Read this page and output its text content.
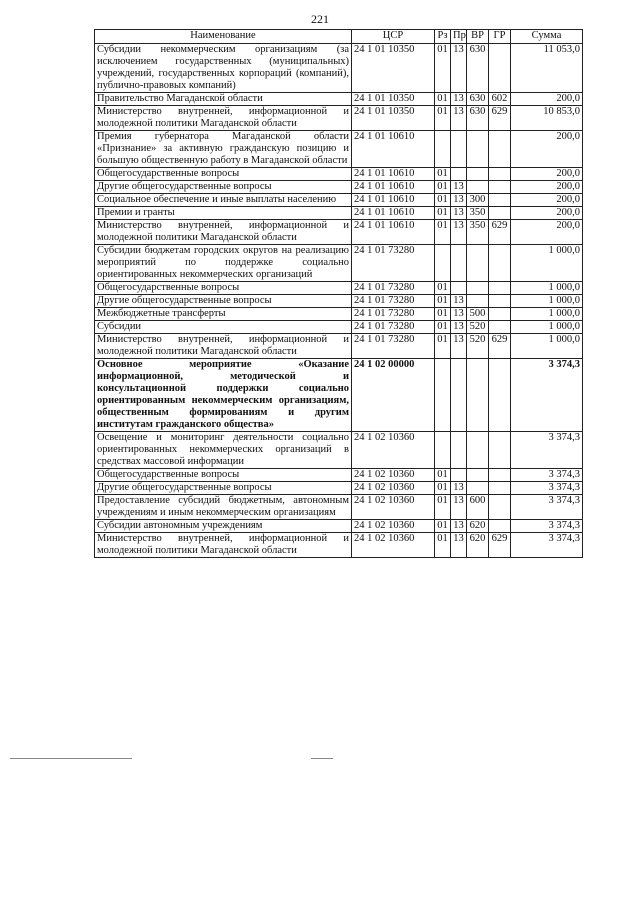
221
Наименование	ЦСР	Рз	Пр	ВР	ГР	Сумма
Субсидии некоммерческим организациям (за исключением государственных (муниципальных) учреждений, государственных корпораций (компаний), публично-правовых компаний)	24 1 01 10350	01	13	630		11 053,0
Правительство Магаданской области	24 1 01 10350	01	13	630	602	200,0
Министерство внутренней, информационной и молодежной политики Магаданской области	24 1 01 10350	01	13	630	629	10 853,0
Премия губернатора Магаданской области «Признание» за активную гражданскую позицию и большую общественную работу в Магаданской области	24 1 01 10610					200,0
Общегосударственные вопросы	24 1 01 10610	01				200,0
Другие общегосударственные вопросы	24 1 01 10610	01	13			200,0
Социальное обеспечение и иные выплаты населению	24 1 01 10610	01	13	300		200,0
Премии и гранты	24 1 01 10610	01	13	350		200,0
Министерство внутренней, информационной и молодежной политики Магаданской области	24 1 01 10610	01	13	350	629	200,0
Субсидии бюджетам городских округов на реализацию мероприятий по поддержке социально ориентированных некоммерческих организаций	24 1 01 73280					1 000,0
Общегосударственные вопросы	24 1 01 73280	01				1 000,0
Другие общегосударственные вопросы	24 1 01 73280	01	13			1 000,0
Межбюджетные трансферты	24 1 01 73280	01	13	500		1 000,0
Субсидии	24 1 01 73280	01	13	520		1 000,0
Министерство внутренней, информационной и молодежной политики Магаданской области	24 1 01 73280	01	13	520	629	1 000,0
Основное мероприятие «Оказание информационной, методической и консультационной поддержки социально ориентированным некоммерческим организациям, общественным формированиям и другим институтам гражданского общества»	24 1 02 00000					3 374,3
Освещение и мониторинг деятельности социально ориентированных некоммерческих организаций в средствах массовой информации	24 1 02 10360					3 374,3
Общегосударственные вопросы	24 1 02 10360	01				3 374,3
Другие общегосударственные вопросы	24 1 02 10360	01	13			3 374,3
Предоставление субсидий бюджетным, автономным учреждениям и иным некоммерческим организациям	24 1 02 10360	01	13	600		3 374,3
Субсидии автономным учреждениям	24 1 02 10360	01	13	620		3 374,3
Министерство внутренней, информационной и молодежной политики Магаданской области	24 1 02 10360	01	13	620	629	3 374,3
